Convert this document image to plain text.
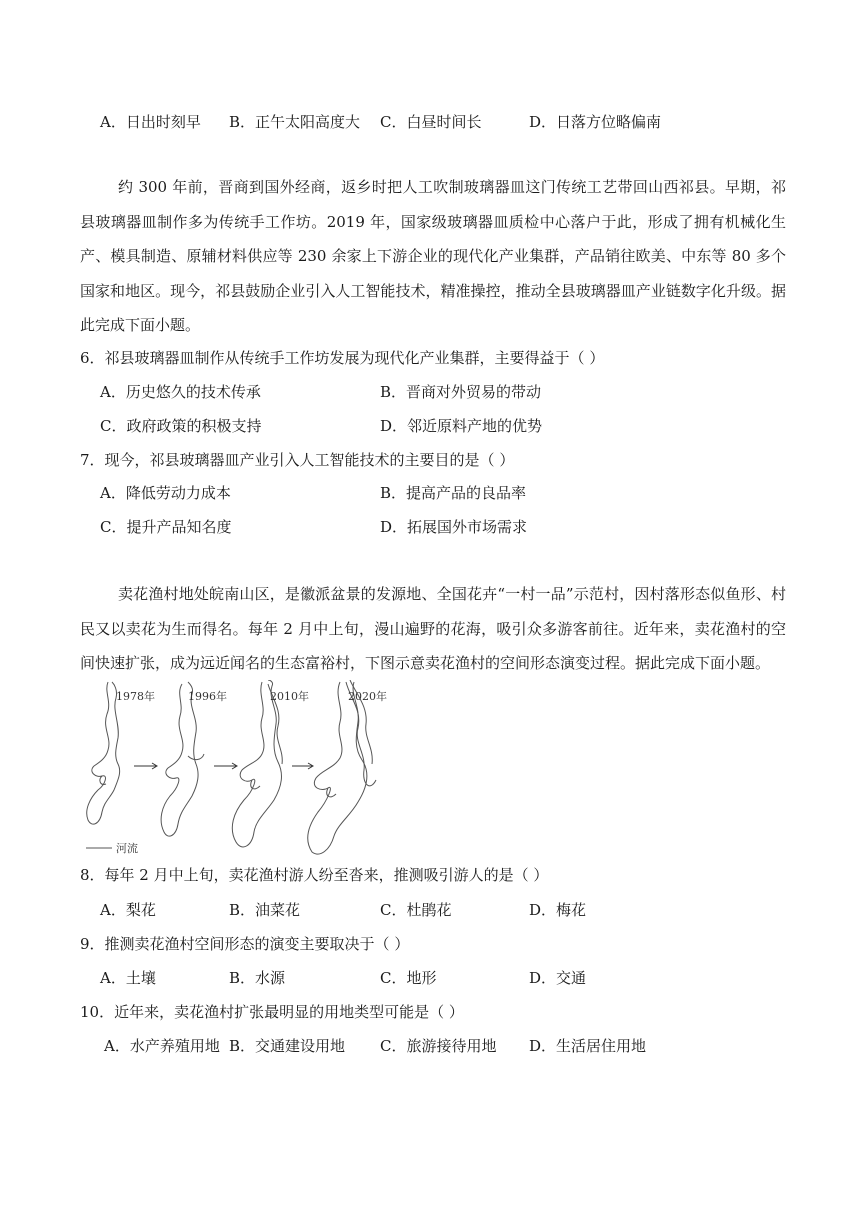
A．日出时刻早 B．正午太阳高度大 C．白昼时间长	D．日落方位略偏南
约 300 年前，晋商到国外经商，返乡时把人工吹制玻璃器皿这门传统工艺带回山西祁县。早期，祁县玻璃器皿制作多为传统手工作坊。2019 年，国家级玻璃器皿质检中心落户于此，形成了拥有机械化生产、模具制造、原辅材料供应等 230 余家上下游企业的现代化产业集群，产品销往欧美、中东等 80 多个国家和地区。现今，祁县鼓励企业引入人工智能技术，精准操控，推动全县玻璃器皿产业链数字化升级。据此完成下面小题。
6．祁县玻璃器皿制作从传统手工作坊发展为现代化产业集群，主要得益于（ ）
A．历史悠久的技术传承	B．晋商对外贸易的带动
C．政府政策的积极支持	D．邻近原料产地的优势
7．现今，祁县玻璃器皿产业引入人工智能技术的主要目的是（ ）
A．降低劳动力成本	B．提高产品的良品率
C．提升产品知名度	D．拓展国外市场需求
卖花渔村地处皖南山区，是徽派盆景的发源地、全国花卉“一村一品”示范村，因村落形态似鱼形、村民又以卖花为生而得名。每年 2 月中上旬，漫山遍野的花海，吸引众多游客前往。近年来，卖花渔村的空间快速扩张，成为远近闻名的生态富裕村，下图示意卖花渔村的空间形态演变过程。据此完成下面小题。
1978年	1996年	2010年	2020年
河流
8．每年 2 月中上旬，卖花渔村游人纷至沓来，推测吸引游人的是（ ）
A．梨花	B．油菜花	C．杜鹃花	D．梅花
9．推测卖花渔村空间形态的演变主要取决于（ ）
A．土壤	B．水源	C．地形	D．交通
10．近年来，卖花渔村扩张最明显的用地类型可能是（ ）
A．水产养殖用地 B．交通建设用地 C．旅游接待用地 D．生活居住用地
